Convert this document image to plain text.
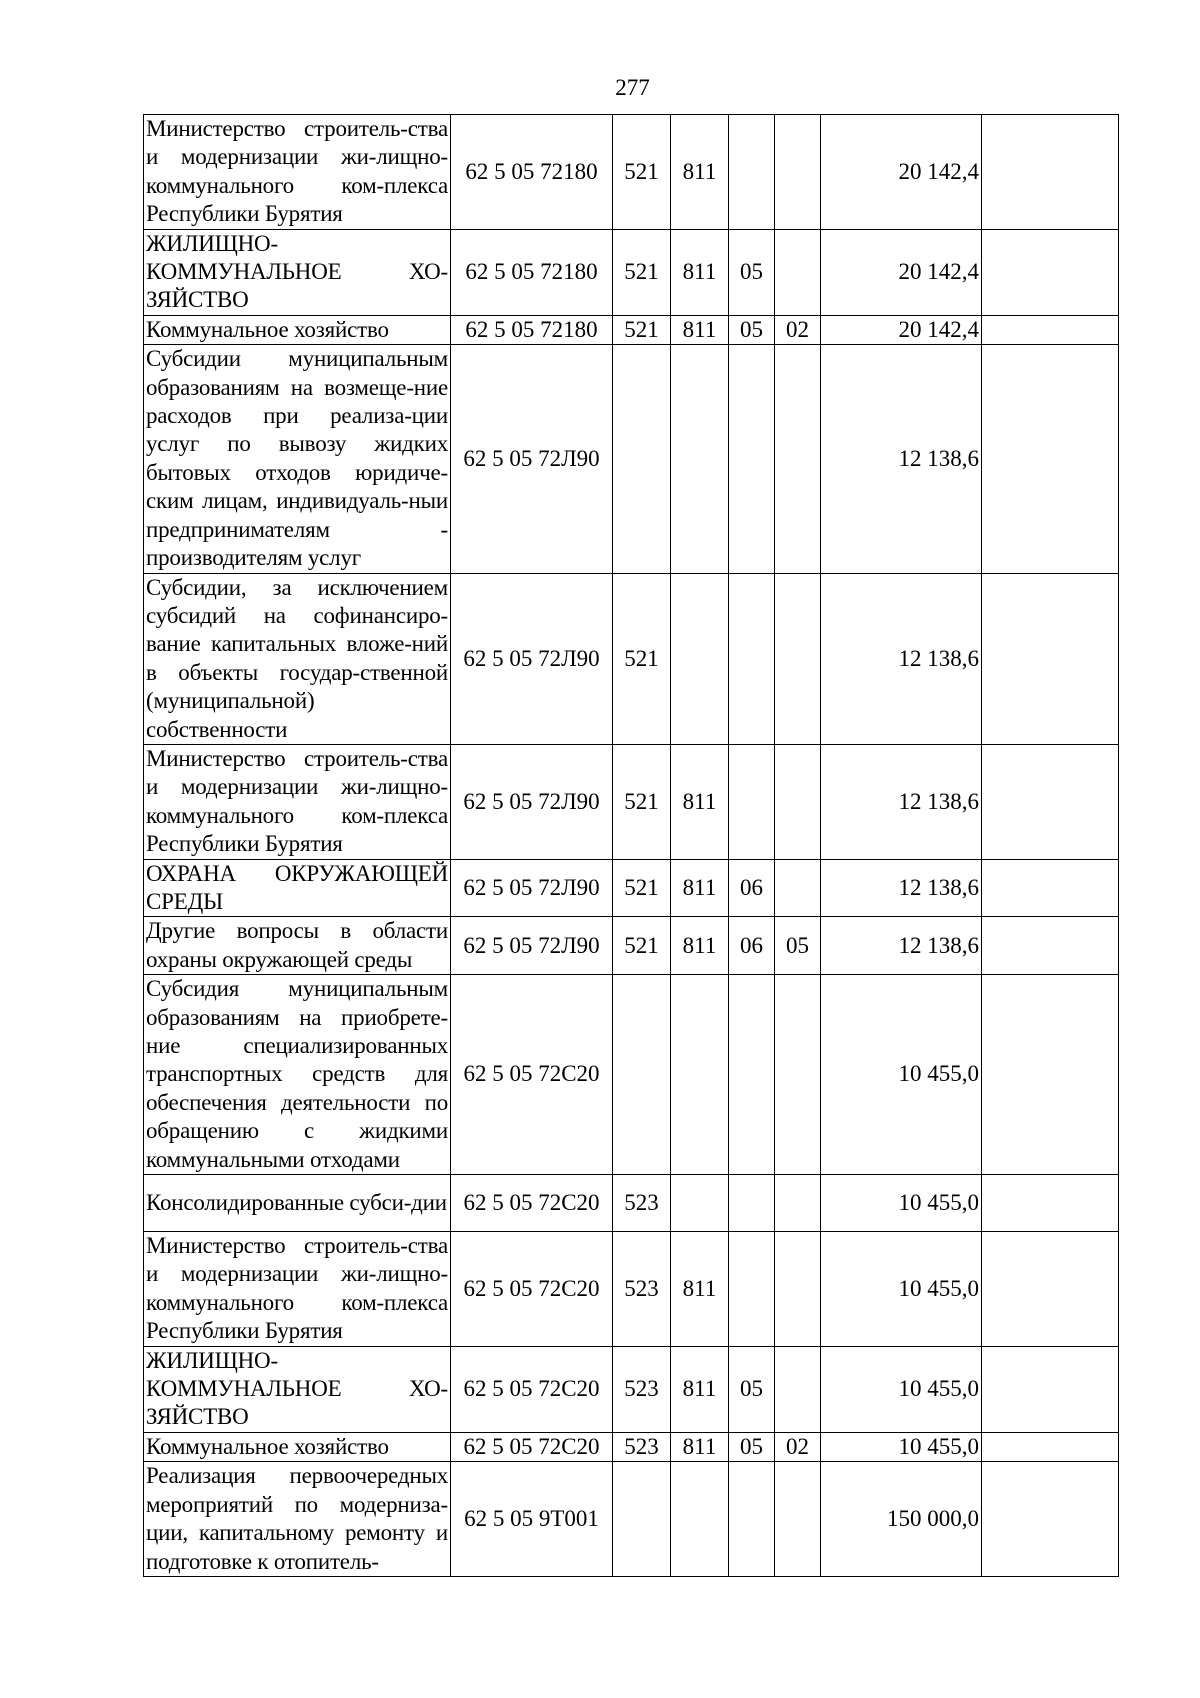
277
Министерство строитель-ства и модернизации жи-лищно-коммунального ком-плекса Республики Бурятия	62 5 05 72180	521	811			20 142,4	
ЖИЛИЩНО-КОММУНАЛЬНОЕ ХО-ЗЯЙСТВО	62 5 05 72180	521	811	05		20 142,4	
Коммунальное хозяйство	62 5 05 72180	521	811	05	02	20 142,4	
Субсидии муниципальным образованиям на возмеще-ние расходов при реализа-ции услуг по вывозу жидких бытовых отходов юридиче-ским лицам, индивидуаль-ныи предпринимателям - производителям услуг	62 5 05 72Л90					12 138,6	
Субсидии, за исключением субсидий на софинансиро-вание капитальных вложе-ний в объекты государ-ственной (муниципальной) собственности	62 5 05 72Л90	521				12 138,6	
Министерство строитель-ства и модернизации жи-лищно-коммунального ком-плекса Республики Бурятия	62 5 05 72Л90	521	811			12 138,6	
ОХРАНА ОКРУЖАЮЩЕЙ СРЕДЫ	62 5 05 72Л90	521	811	06		12 138,6	
Другие вопросы в области охраны окружающей среды	62 5 05 72Л90	521	811	06	05	12 138,6	
Субсидия муниципальным образованиям на приобрете-ние специализированных транспортных средств для обеспечения деятельности по обращению с жидкими коммунальными отходами	62 5 05 72С20					10 455,0	
Консолидированные субси-дии	62 5 05 72С20	523				10 455,0	
Министерство строитель-ства и модернизации жи-лищно-коммунального ком-плекса Республики Бурятия	62 5 05 72С20	523	811			10 455,0	
ЖИЛИЩНО-КОММУНАЛЬНОЕ ХО-ЗЯЙСТВО	62 5 05 72С20	523	811	05		10 455,0	
Коммунальное хозяйство	62 5 05 72С20	523	811	05	02	10 455,0	
Реализация первоочередных мероприятий по модерниза-ции, капитальному ремонту и подготовке к отопитель-	62 5 05 9Т001					150 000,0	
